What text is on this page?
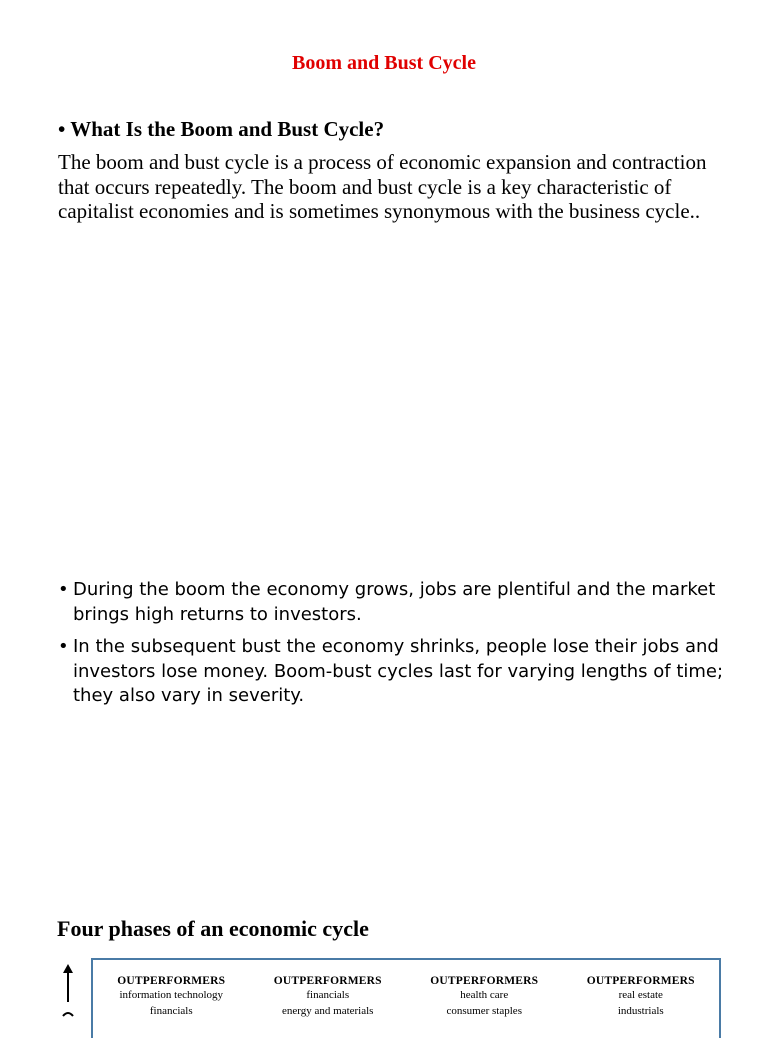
Boom and Bust Cycle
• What Is the Boom and Bust Cycle?
The boom and bust cycle is a process of economic expansion and contraction that occurs repeatedly. The boom and bust cycle is a key characteristic of capitalist economies and is sometimes synonymous with the business cycle..
• During the boom the economy grows, jobs are plentiful and the market brings high returns to investors.
• In the subsequent bust the economy shrinks, people lose their jobs and investors lose money. Boom-bust cycles last for varying lengths of time; they also vary in severity.
Four phases of an economic cycle
OUTPERFORMERS
information technology
financials
OUTPERFORMERS
financials
energy and materials
OUTPERFORMERS
health care
consumer staples
OUTPERFORMERS
real estate
industrials
